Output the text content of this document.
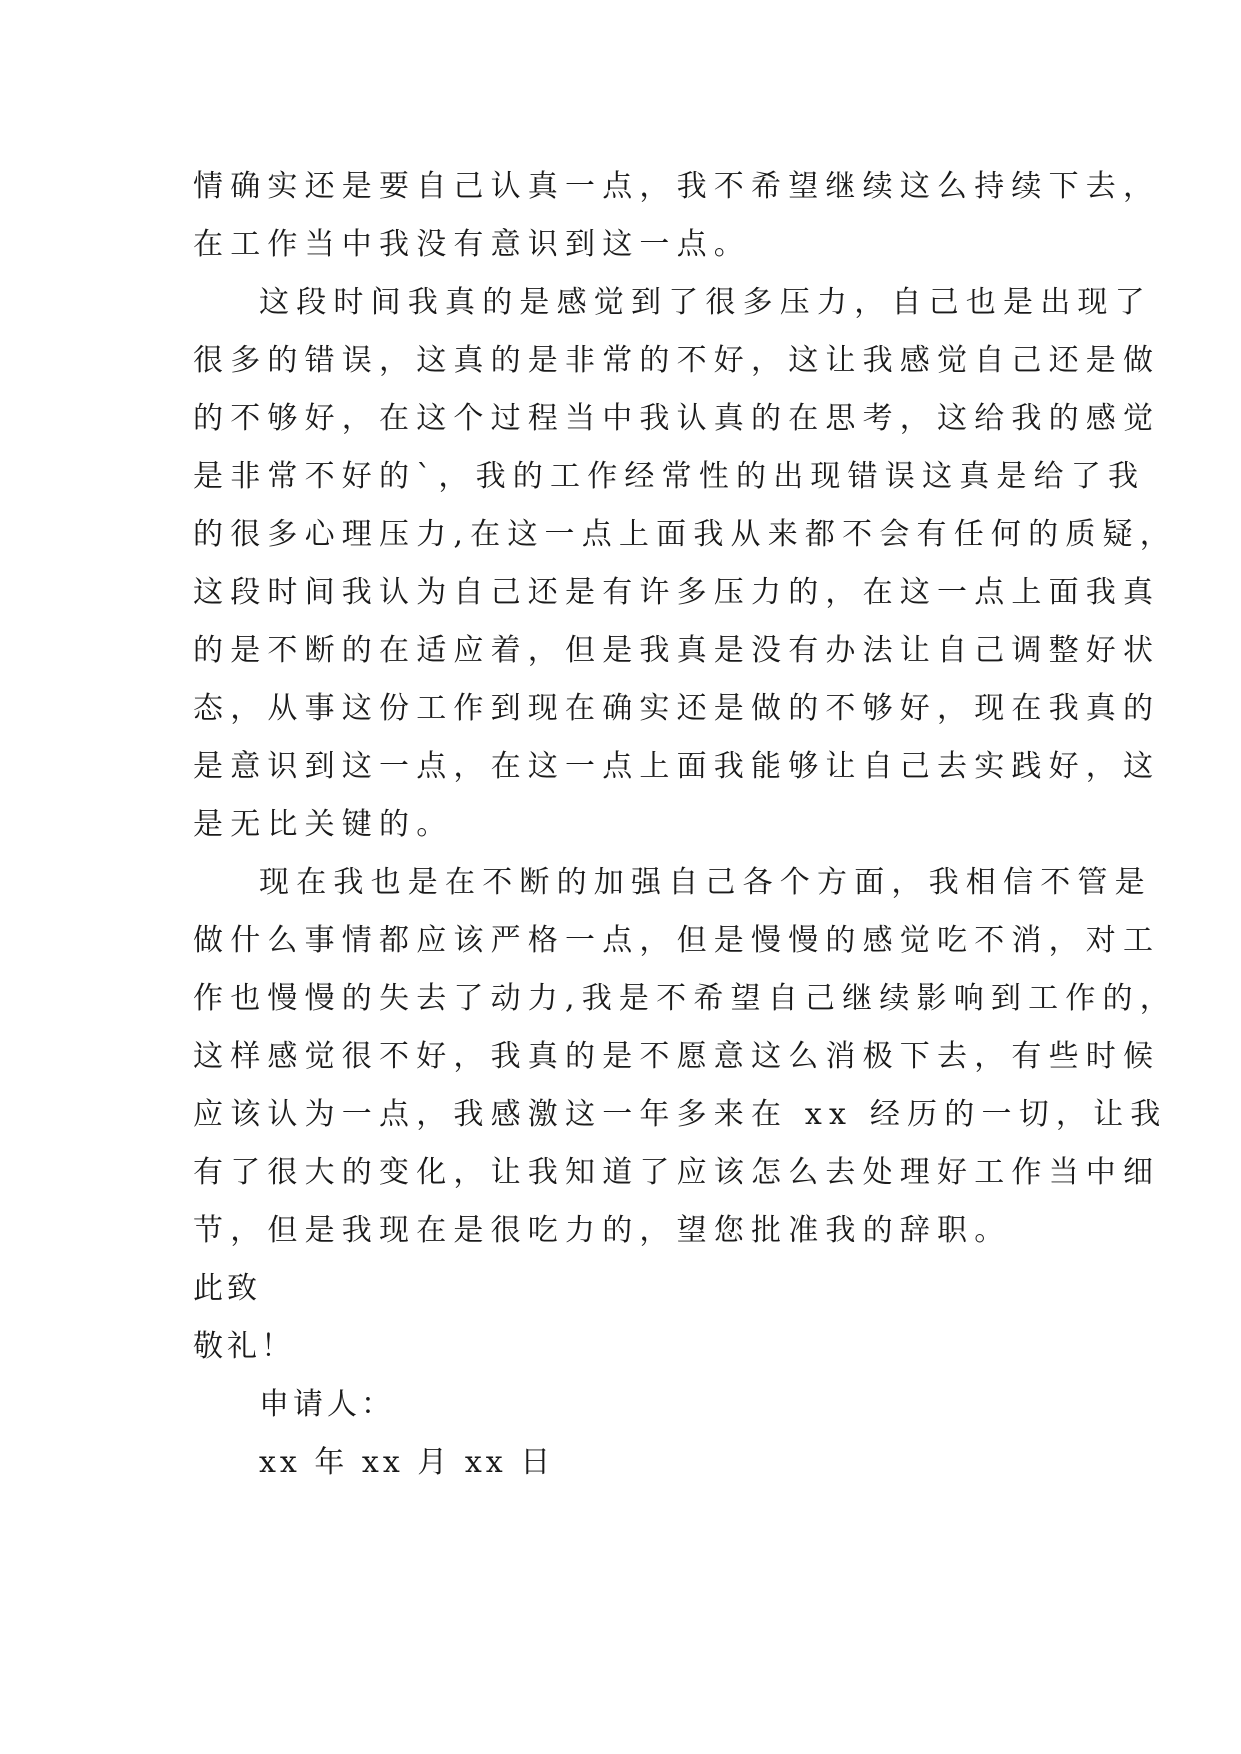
情确实还是要自己认真一点，我不希望继续这么持续下去，
在工作当中我没有意识到这一点。
这段时间我真的是感觉到了很多压力，自己也是出现了
很多的错误，这真的是非常的不好，这让我感觉自己还是做
的不够好，在这个过程当中我认真的在思考，这给我的感觉
是非常不好的`，我的工作经常性的出现错误这真是给了我
的很多心理压力,在这一点上面我从来都不会有任何的质疑，
这段时间我认为自己还是有许多压力的，在这一点上面我真
的是不断的在适应着，但是我真是没有办法让自己调整好状
态，从事这份工作到现在确实还是做的不够好，现在我真的
是意识到这一点，在这一点上面我能够让自己去实践好，这
是无比关键的。
现在我也是在不断的加强自己各个方面，我相信不管是
做什么事情都应该严格一点，但是慢慢的感觉吃不消，对工
作也慢慢的失去了动力,我是不希望自己继续影响到工作的，
这样感觉很不好，我真的是不愿意这么消极下去，有些时候
应该认为一点，我感激这一年多来在 xx 经历的一切，让我
有了很大的变化，让我知道了应该怎么去处理好工作当中细
节，但是我现在是很吃力的，望您批准我的辞职。
此致
敬礼！
申请人：
xx 年 xx 月 xx 日
